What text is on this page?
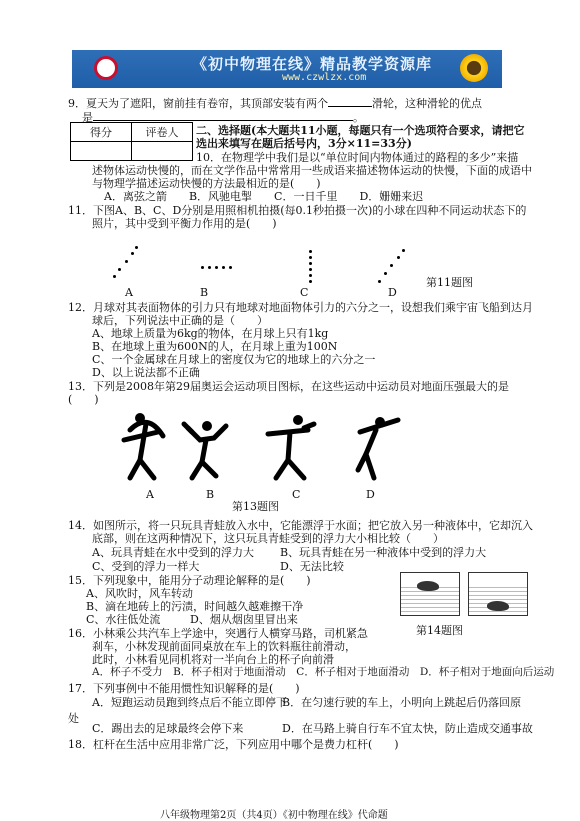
《初中物理在线》精品教学资源库
www.czwlzx.com
9．夏天为了遮阳，窗前挂有卷帘，其顶部安装有两个	滑轮，这种滑轮的优点
是	。
得分	评卷人
	二、选择题(本大题共11小题，每题只有一个选项符合要求，请把它
选出来填写在题后括号内，3分×11=33分)
10．在物理学中我们是以“单位时间内物体通过的路程的多少”来描
述物体运动快慢的，而在文学作品中常常用一些成语来描述物体运动的快慢，下面的成语中
与物理学描述运动快慢的方法最相近的是(　　)
A．离弦之箭　　B．风驰电掣　　C．一日千里　　D．姗姗来迟
11．下图A、B、C、D分别是用照相机拍摄(每0.1秒拍摄一次)的小球在四种不同运动状态下的
照片，其中受到平衡力作用的是(　　)
A	B	C	D
第11题图
12．月球对其表面物体的引力只有地球对地面物体引力的六分之一，设想我们乘宇宙飞船到达月
球后，下列说法中正确的是（　　）
A、地球上质量为6kg的物体，在月球上只有1kg
B、在地球上重为600N的人，在月球上重为100N
C、一个金属球在月球上的密度仅为它的地球上的六分之一
D、以上说法都不正确
13．下列是2008年第29届奥运会运动项目图标，在这些运动中运动员对地面压强最大的是
(　　)
A	B	C	D
第13题图
14．如图所示，将一只玩具青蛙放入水中，它能漂浮于水面；把它放入另一种液体中，它却沉入
底部，则在这两种情况下，这只玩具青蛙受到的浮力大小相比较（　　）
A、玩具青蛙在水中受到的浮力大 B、玩具青蛙在另一种液体中受到的浮力大
C、受到的浮力一样大	D、无法比较
第14题图
15．下列现象中，能用分子动理论解释的是(　　)
A、风吹时，风车转动
B、滴在地砖上的污渍，时间越久越难擦干净
C、水往低处流	D、烟从烟囱里冒出来
16．小林乘公共汽车上学途中，突遇行人横穿马路，司机紧急
刹车，小林发现前面同桌放在车上的饮料瓶往前滑动，
此时，小林看见同机将对一半向台上的杯子向前滑
A．杯子不受力　B．杯子相对于地面滑动　C．杯子相对于地面滑动　D．杯子相对于地面向后运动
17．下列事例中不能用惯性知识解释的是(　　)
A．短跑运动员跑到终点后不能立即停下
B．在匀速行驶的车上，小明向上跳起后仍落回原
处
C．踢出去的足球最终会停下来	D．在马路上骑自行车不宜太快，防止造成交通事故
18．杠杆在生活中应用非常广泛，下列应用中哪个是费力杠杆(　　)
八年级物理第2页（共4页）《初中物理在线》代命题
